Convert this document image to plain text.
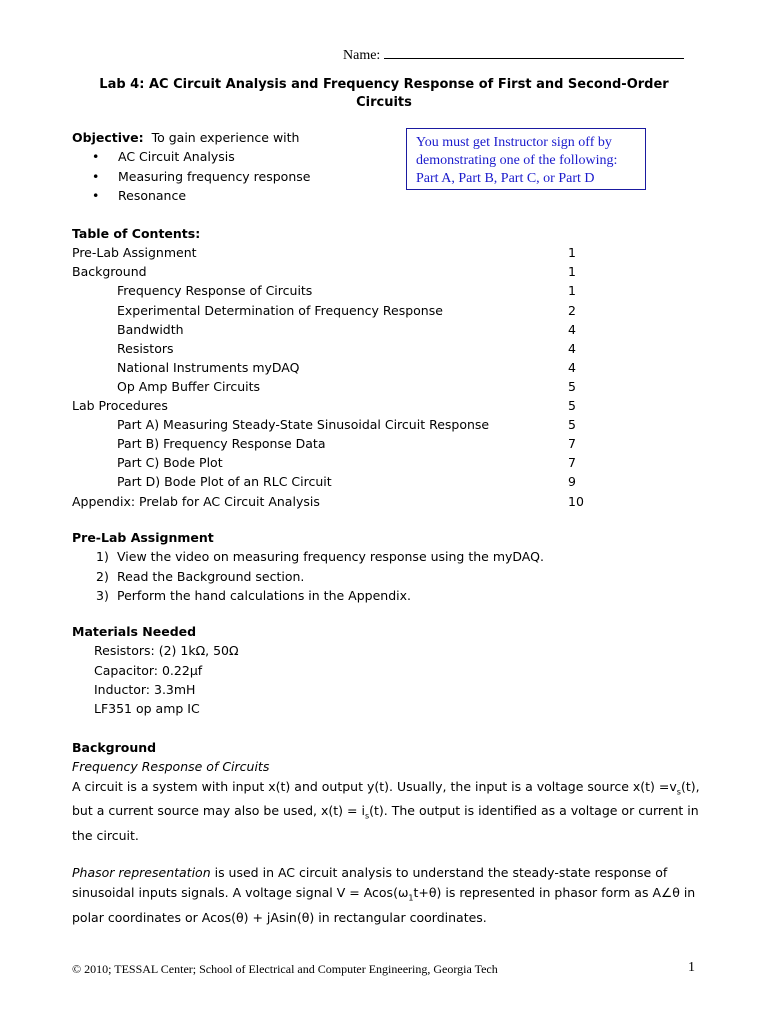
Name:
Lab 4: AC Circuit Analysis and Frequency Response of First and Second-Order
Circuits
Objective: To gain experience with
• AC Circuit Analysis
• Measuring frequency response
• Resonance
You must get Instructor sign off by
demonstrating one of the following:
Part A, Part B, Part C, or Part D
Table of Contents:
Pre-Lab Assignment	1
Background	1
Frequency Response of Circuits	1
Experimental Determination of Frequency Response	2
Bandwidth	4
Resistors	4
National Instruments myDAQ	4
Op Amp Buffer Circuits	5
Lab Procedures	5
Part A) Measuring Steady-State Sinusoidal Circuit Response	5
Part B) Frequency Response Data	7
Part C) Bode Plot	7
Part D) Bode Plot of an RLC Circuit	9
Appendix: Prelab for AC Circuit Analysis	10
Pre-Lab Assignment
1) View the video on measuring frequency response using the myDAQ.
2) Read the Background section.
3) Perform the hand calculations in the Appendix.
Materials Needed
Resistors: (2) 1kΩ, 50Ω
Capacitor: 0.22μf
Inductor: 3.3mH
LF351 op amp IC
Background
Frequency Response of Circuits
A circuit is a system with input x(t) and output y(t). Usually, the input is a voltage source $x(t) =v_s(t)$,
but a current source may also be used, $x(t) = i_s(t)$. The output is identified as a voltage or current in
the circuit.
Phasor representation is used in AC circuit analysis to understand the steady-state response of
sinusoidal inputs signals. A voltage signal $V = Acos(\omega_1t+\theta)$ is represented in phasor form as A∠θ in
polar coordinates or Acos(θ) + jAsin(θ) in rectangular coordinates.
© 2010; TESSAL Center; School of Electrical and Computer Engineering, Georgia Tech	1
